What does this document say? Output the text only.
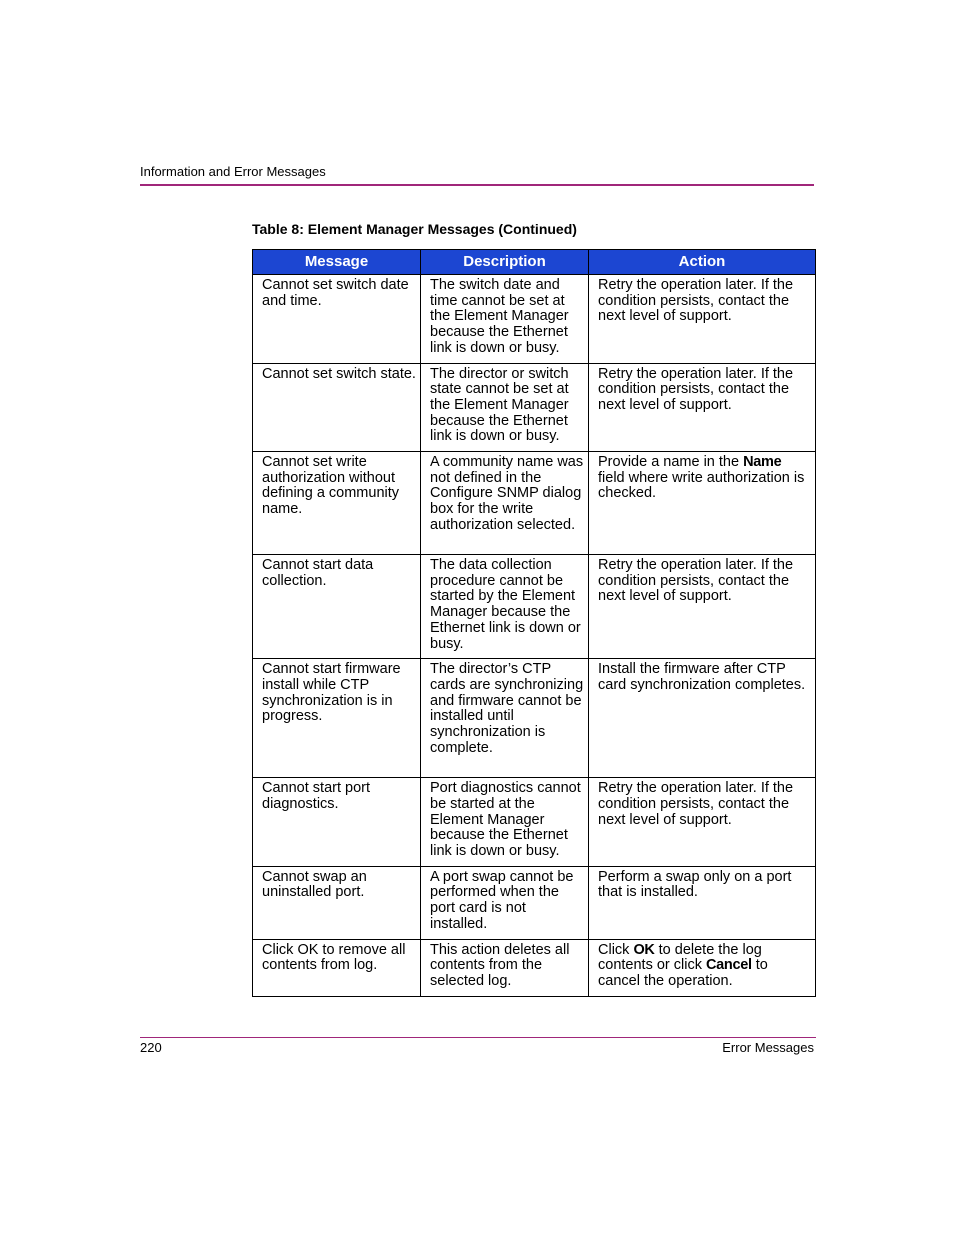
Information and Error Messages
Table 8: Element Manager Messages (Continued)
Message	Description	Action
Cannot set switch date and time.	The switch date and time cannot be set at the Element Manager because the Ethernet link is down or busy.	Retry the operation later. If the condition persists, contact the next level of support.
Cannot set switch state.	The director or switch state cannot be set at the Element Manager because the Ethernet link is down or busy.	Retry the operation later. If the condition persists, contact the next level of support.
Cannot set write authorization without defining a community name.	A community name was not defined in the Configure SNMP dialog box for the write authorization selected.	Provide a name in the Name field where write authorization is checked.
Cannot start data collection.	The data collection procedure cannot be started by the Element Manager because the Ethernet link is down or busy.	Retry the operation later. If the condition persists, contact the next level of support.
Cannot start firmware install while CTP synchronization is in progress.	The director’s CTP cards are synchronizing and firmware cannot be installed until synchronization is complete.	Install the firmware after CTP card synchronization completes.
Cannot start port diagnostics.	Port diagnostics cannot be started at the Element Manager because the Ethernet link is down or busy.	Retry the operation later. If the condition persists, contact the next level of support.
Cannot swap an uninstalled port.	A port swap cannot be performed when the port card is not installed.	Perform a swap only on a port that is installed.
Click OK to remove all contents from log.	This action deletes all contents from the selected log.	Click OK to delete the log contents or click Cancel to cancel the operation.
220	Error Messages
